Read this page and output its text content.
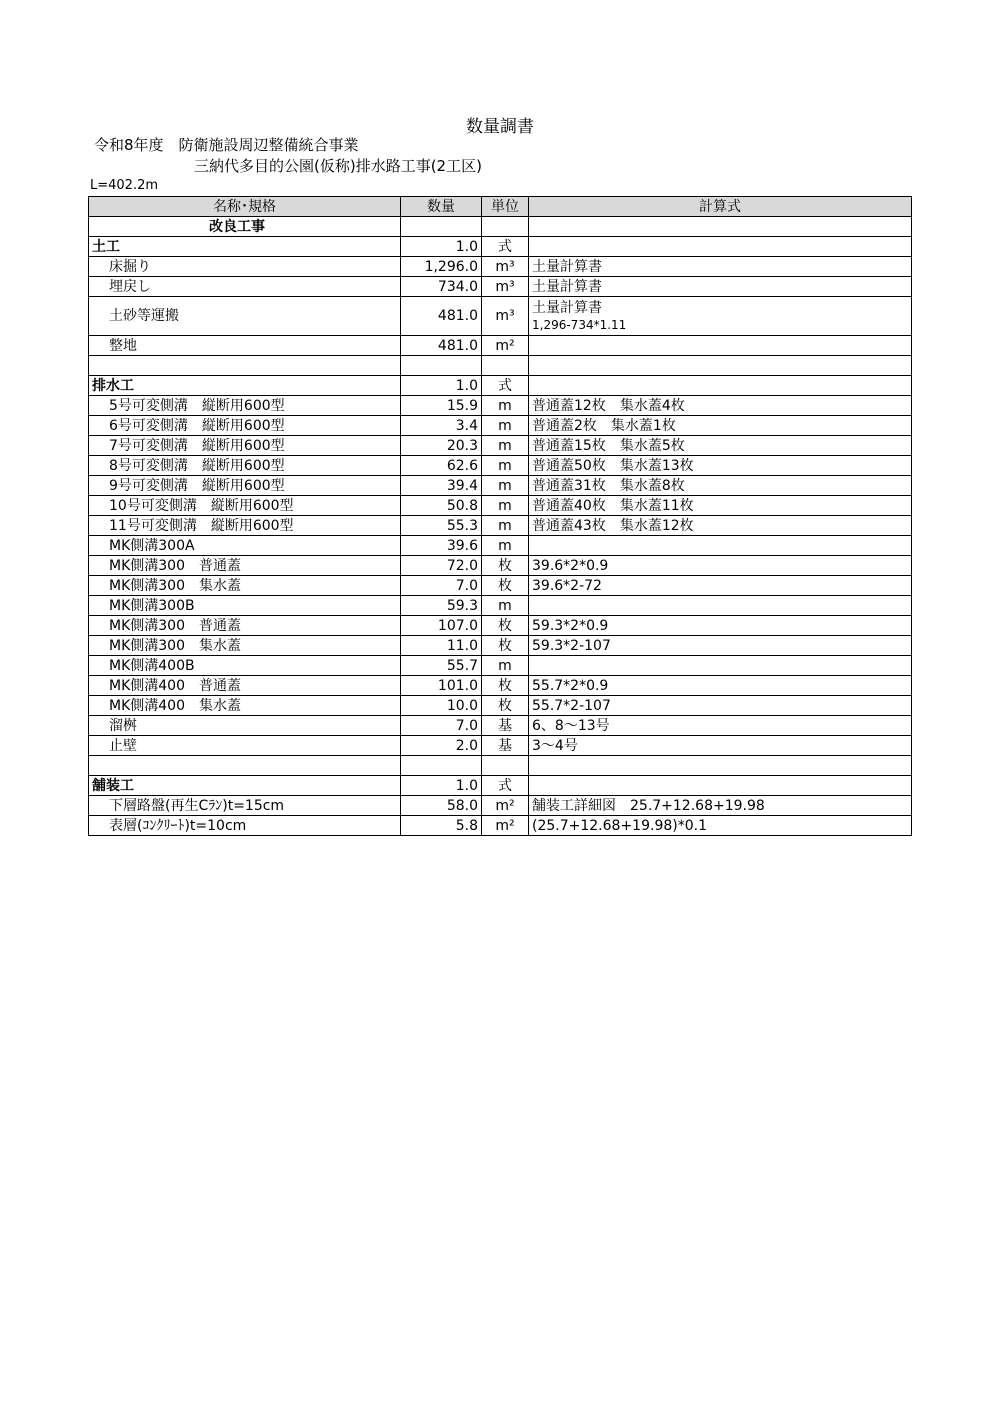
数量調書
令和8年度　防衛施設周辺整備統合事業
三納代多目的公園(仮称)排水路工事(2工区)
L=402.2m
名称･規格	数量	単位	計算式
改良工事			
土工	1.0	式	
床掘り	1,296.0	m³	土量計算書
埋戻し	734.0	m³	土量計算書
土砂等運搬	481.0	m³	土量計算書
1,296-734*1.11

整地	481.0	m²	

排水工	1.0	式	
5号可変側溝　縦断用600型	15.9	m	普通蓋12枚　集水蓋4枚
6号可変側溝　縦断用600型	3.4	m	普通蓋2枚　集水蓋1枚
7号可変側溝　縦断用600型	20.3	m	普通蓋15枚　集水蓋5枚
8号可変側溝　縦断用600型	62.6	m	普通蓋50枚　集水蓋13枚
9号可変側溝　縦断用600型	39.4	m	普通蓋31枚　集水蓋8枚
10号可変側溝　縦断用600型	50.8	m	普通蓋40枚　集水蓋11枚
11号可変側溝　縦断用600型	55.3	m	普通蓋43枚　集水蓋12枚
MK側溝300A	39.6	m	
MK側溝300　普通蓋	72.0	枚	39.6*2*0.9
MK側溝300　集水蓋	7.0	枚	39.6*2-72
MK側溝300B	59.3	m	
MK側溝300　普通蓋	107.0	枚	59.3*2*0.9
MK側溝300　集水蓋	11.0	枚	59.3*2-107
MK側溝400B	55.7	m	
MK側溝400　普通蓋	101.0	枚	55.7*2*0.9
MK側溝400　集水蓋	10.0	枚	55.7*2-107
溜桝	7.0	基	6、8〜13号
止壁	2.0	基	3〜4号

舗装工	1.0	式	
下層路盤(再生Cﾗﾝ)t=15cm	58.0	m²	舗装工詳細図　25.7+12.68+19.98
表層(ｺﾝｸﾘｰﾄ)t=10cm	5.8	m²	(25.7+12.68+19.98)*0.1
